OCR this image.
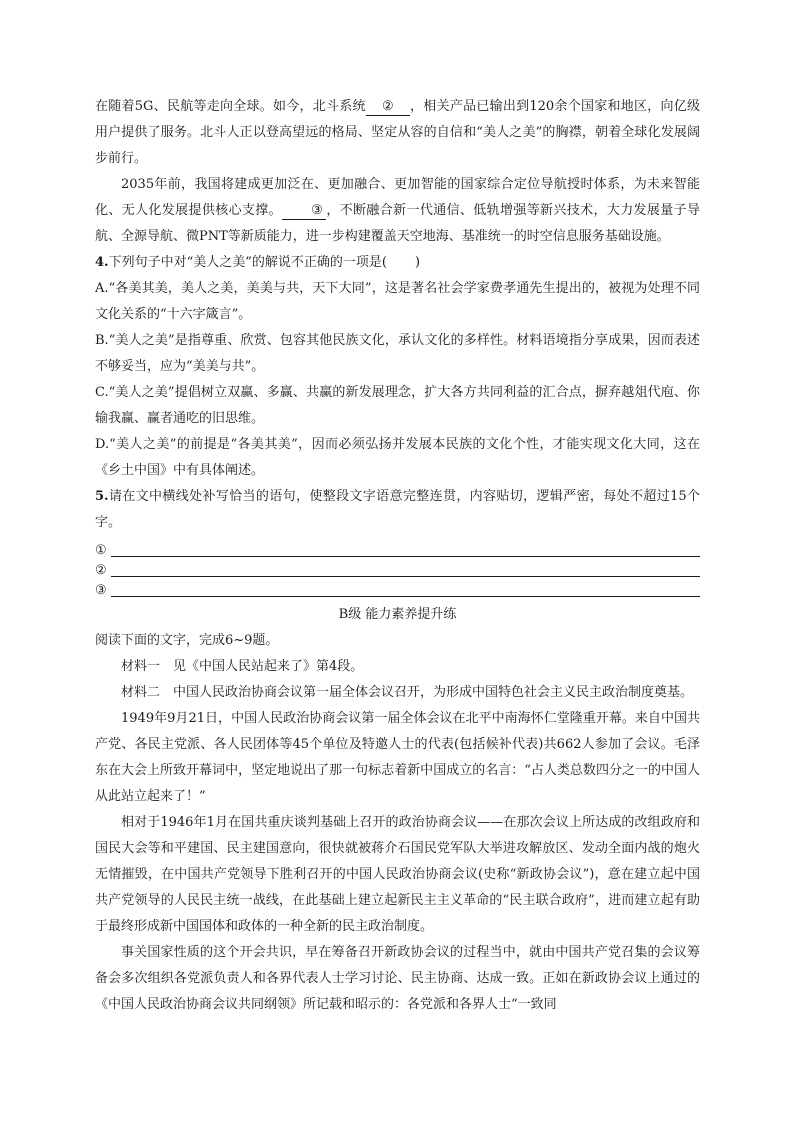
在随着5G、民航等走向全球。如今，北斗系统 ② ，相关产品已输出到120余个国家和地区，向亿级用户提供了服务。北斗人正以登高望远的格局、坚定从容的自信和“美人之美”的胸襟，朝着全球化发展阔步前行。

2035年前，我国将建成更加泛在、更加融合、更加智能的国家综合定位导航授时体系，为未来智能化、无人化发展提供核心支撑。 ③ ，不断融合新一代通信、低轨增强等新兴技术，大力发展量子导航、全源导航、微PNT等新质能力，进一步构建覆盖天空地海、基准统一的时空信息服务基础设施。

4.下列句子中对“美人之美”的解说不正确的一项是( )

A.“各美其美，美人之美，美美与共，天下大同”，这是著名社会学家费孝通先生提出的，被视为处理不同文化关系的“十六字箴言”。

B.“美人之美”是指尊重、欣赏、包容其他民族文化，承认文化的多样性。材料语境指分享成果，因而表述不够妥当，应为“美美与共”。

C.“美人之美”提倡树立双赢、多赢、共赢的新发展理念，扩大各方共同利益的汇合点，摒弃越俎代庖、你输我赢、赢者通吃的旧思维。

D.“美人之美”的前提是“各美其美”，因而必须弘扬并发展本民族的文化个性，才能实现文化大同，这在《乡土中国》中有具体阐述。

5.请在文中横线处补写恰当的语句，使整段文字语意完整连贯，内容贴切，逻辑严密，每处不超过15个字。

①
②
③

B级 能力素养提升练

阅读下面的文字，完成6~9题。

材料一　见《中国人民站起来了》第4段。

材料二　中国人民政治协商会议第一届全体会议召开，为形成中国特色社会主义民主政治制度奠基。

1949年9月21日，中国人民政治协商会议第一届全体会议在北平中南海怀仁堂隆重开幕。来自中国共产党、各民主党派、各人民团体等45个单位及特邀人士的代表(包括候补代表)共662人参加了会议。毛泽东在大会上所致开幕词中，坚定地说出了那一句标志着新中国成立的名言：“占人类总数四分之一的中国人从此站立起来了！”

相对于1946年1月在国共重庆谈判基础上召开的政治协商会议——在那次会议上所达成的改组政府和国民大会等和平建国、民主建国意向，很快就被蒋介石国民党军队大举进攻解放区、发动全面内战的炮火无情摧毁，在中国共产党领导下胜利召开的中国人民政治协商会议(史称“新政协会议”)，意在建立起中国共产党领导的人民民主统一战线，在此基础上建立起新民主主义革命的“民主联合政府”，进而建立起有助于最终形成新中国国体和政体的一种全新的民主政治制度。

事关国家性质的这个开会共识，早在筹备召开新政协会议的过程当中，就由中国共产党召集的会议筹备会多次组织各党派负责人和各界代表人士学习讨论、民主协商、达成一致。正如在新政协会议上通过的《中国人民政治协商会议共同纲领》所记载和昭示的：各党派和各界人士“一致同
